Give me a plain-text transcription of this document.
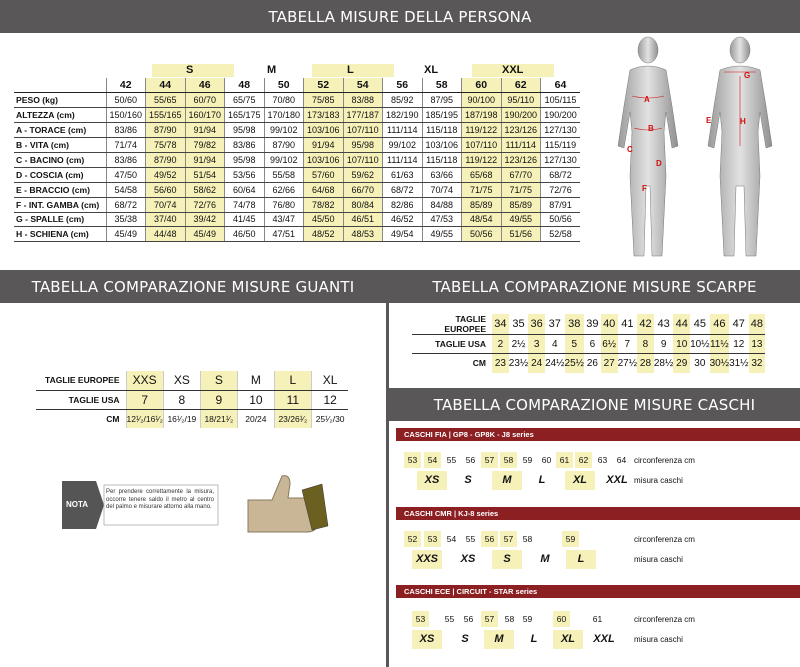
TABELLA MISURE DELLA PERSONA
S	M	L	XL	XXL
	42	44	46	48	50	52	54	56	58	60	62	64
PESO (kg)	50/60	55/65	60/70	65/75	70/80	75/85	83/88	85/92	87/95	90/100	95/110	105/115
ALTEZZA (cm)	150/160	155/165	160/170	165/175	170/180	173/183	177/187	182/190	185/195	187/198	190/200	190/200
A - TORACE (cm)	83/86	87/90	91/94	95/98	99/102	103/106	107/110	111/114	115/118	119/122	123/126	127/130
B - VITA (cm)	71/74	75/78	79/82	83/86	87/90	91/94	95/98	99/102	103/106	107/110	111/114	115/119
C - BACINO (cm)	83/86	87/90	91/94	95/98	99/102	103/106	107/110	111/114	115/118	119/122	123/126	127/130
D - COSCIA (cm)	47/50	49/52	51/54	53/56	55/58	57/60	59/62	61/63	63/66	65/68	67/70	68/72
E - BRACCIO (cm)	54/58	56/60	58/62	60/64	62/66	64/68	66/70	68/72	70/74	71/75	71/75	72/76
F - INT. GAMBA (cm)	68/72	70/74	72/76	74/78	76/80	78/82	80/84	82/86	84/88	85/89	85/89	87/91
G - SPALLE (cm)	35/38	37/40	39/42	41/45	43/47	45/50	46/51	46/52	47/53	48/54	49/55	50/56
H - SCHIENA (cm)	45/49	44/48	45/49	46/50	47/51	48/52	48/53	49/54	49/55	50/56	51/56	52/58
A
B
C
D
E
F
G
H
TABELLA COMPARAZIONE MISURE GUANTI
TAGLIE EUROPEE	XXS	XS	S	M	L	XL
TAGLIE USA	7	8	9	10	11	12
CM	12¹⁄₂/16¹⁄₂	16¹⁄₂/19	18/21¹⁄₂	20/24	23/26¹⁄₂	25¹⁄₂/30
NOTA

Per prendere correttamente la misura, occorre tenere saldo il metro al centro del palmo e misurare attorno alla mano.

TABELLA COMPARAZIONE MISURE SCARPE
TAGLIE EUROPEE	34	35	36	37	38	39	40	41	42	43	44	45	46	47	48
TAGLIE USA	2	2½	3	4	5	6	6½	7	8	9	10	10½	11½	12	13
CM	23	23½	24	24½	25½	26	27	27½	28	28½	29	30	30½	31½	32
TABELLA COMPARAZIONE MISURE CASCHI
CASCHI FIA | GP8 - GP8K - J8 series
CASCHI CMR | KJ-8 series
CASCHI ECE | CIRCUIT - STAR series
53	54	55	56	57	58	59	60	61	62	63	64
XS	S	M	L	XL	XXL
52	53	54	55	56	57	58	59
XXS	XS	S	M	L
53	55	56	57	58	59	60	61
XS	S	M	L	XL	XXL
circonferenza cm
misura caschi
circonferenza cm
misura caschi
circonferenza cm
misura caschi
